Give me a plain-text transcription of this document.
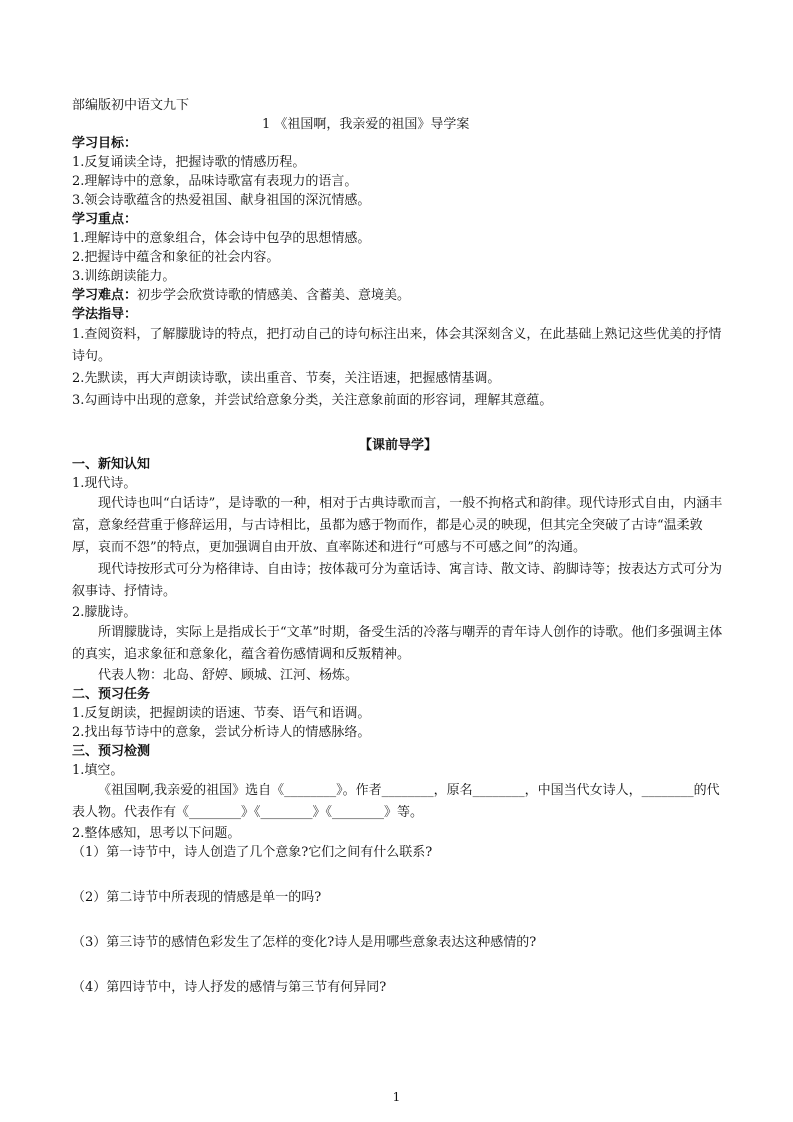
部编版初中语文九下
1 《祖国啊，我亲爱的祖国》导学案
学习目标：
1.反复诵读全诗，把握诗歌的情感历程。
2.理解诗中的意象，品味诗歌富有表现力的语言。
3.领会诗歌蕴含的热爱祖国、献身祖国的深沉情感。
学习重点：
1.理解诗中的意象组合，体会诗中包孕的思想情感。
2.把握诗中蕴含和象征的社会内容。
3.训练朗读能力。
学习难点：初步学会欣赏诗歌的情感美、含蓄美、意境美。
学法指导：
1.查阅资料，了解朦胧诗的特点，把打动自己的诗句标注出来，体会其深刻含义，在此基础上熟记这些优美的抒情诗句。
2.先默读，再大声朗读诗歌，读出重音、节奏，关注语速，把握感情基调。
3.勾画诗中出现的意象，并尝试给意象分类，关注意象前面的形容词，理解其意蕴。
【课前导学】
一、新知认知
1.现代诗。
现代诗也叫“白话诗”，是诗歌的一种，相对于古典诗歌而言，一般不拘格式和韵律。现代诗形式自由，内涵丰富，意象经营重于修辞运用，与古诗相比，虽都为感于物而作，都是心灵的映现，但其完全突破了古诗“温柔敦厚，哀而不怨”的特点，更加强调自由开放、直率陈述和进行“可感与不可感之间”的沟通。
现代诗按形式可分为格律诗、自由诗；按体裁可分为童话诗、寓言诗、散文诗、韵脚诗等；按表达方式可分为叙事诗、抒情诗。
2.朦胧诗。
所谓朦胧诗，实际上是指成长于“文革”时期，备受生活的冷落与嘲弄的青年诗人创作的诗歌。他们多强调主体的真实，追求象征和意象化，蕴含着伤感情调和反叛精神。
代表人物：北岛、舒婷、顾城、江河、杨炼。
二、预习任务
1.反复朗读，把握朗读的语速、节奏、语气和语调。
2.找出每节诗中的意象，尝试分析诗人的情感脉络。
三、预习检测
1.填空。
《祖国啊,我亲爱的祖国》选自《________》。作者________，原名________，中国当代女诗人，________的代表人物。代表作有《________》《________》《________》等。
2.整体感知，思考以下问题。
（1）第一诗节中，诗人创造了几个意象?它们之间有什么联系?
（2）第二诗节中所表现的情感是单一的吗?
（3）第三诗节的感情色彩发生了怎样的变化?诗人是用哪些意象表达这种感情的?
（4）第四诗节中，诗人抒发的感情与第三节有何异同?
1
